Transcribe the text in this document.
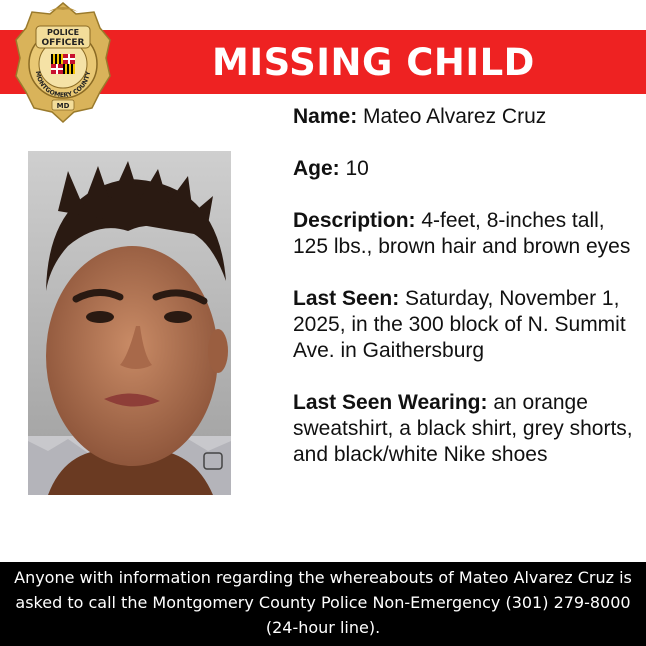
MISSING CHILD
POLICE
OFFICER
MONTGOMERY COUNTY
MD	Name: Mateo Alvarez Cruz
Age: 10
Description: 4-feet, 8-inches tall, 125 lbs., brown hair and brown eyes
Last Seen: Saturday, November 1, 2025, in the 300 block of N. Summit Ave. in Gaithersburg
Last Seen Wearing: an orange sweatshirt, a black shirt, grey shorts, and black/white Nike shoes
Anyone with information regarding the whereabouts of Mateo Alvarez Cruz is asked to call the Montgomery County Police Non-Emergency (301) 279-8000 (24-hour line).
